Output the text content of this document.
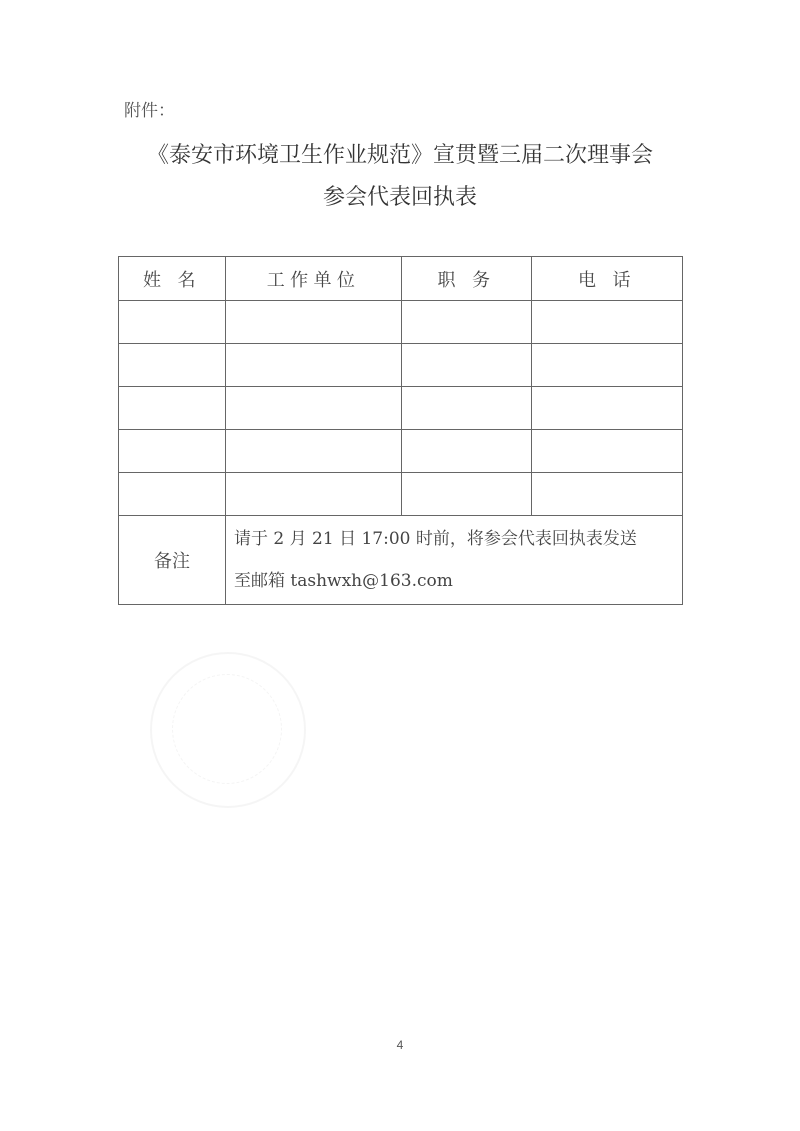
附件：
《泰安市环境卫生作业规范》宣贯暨三届二次理事会
参会代表回执表
姓 名	工作单位	职 务	电 话

备注	请于 2 月 21 日 17:00 时前，将参会代表回执表发送
至邮箱 tashwxh@163.com		
4
